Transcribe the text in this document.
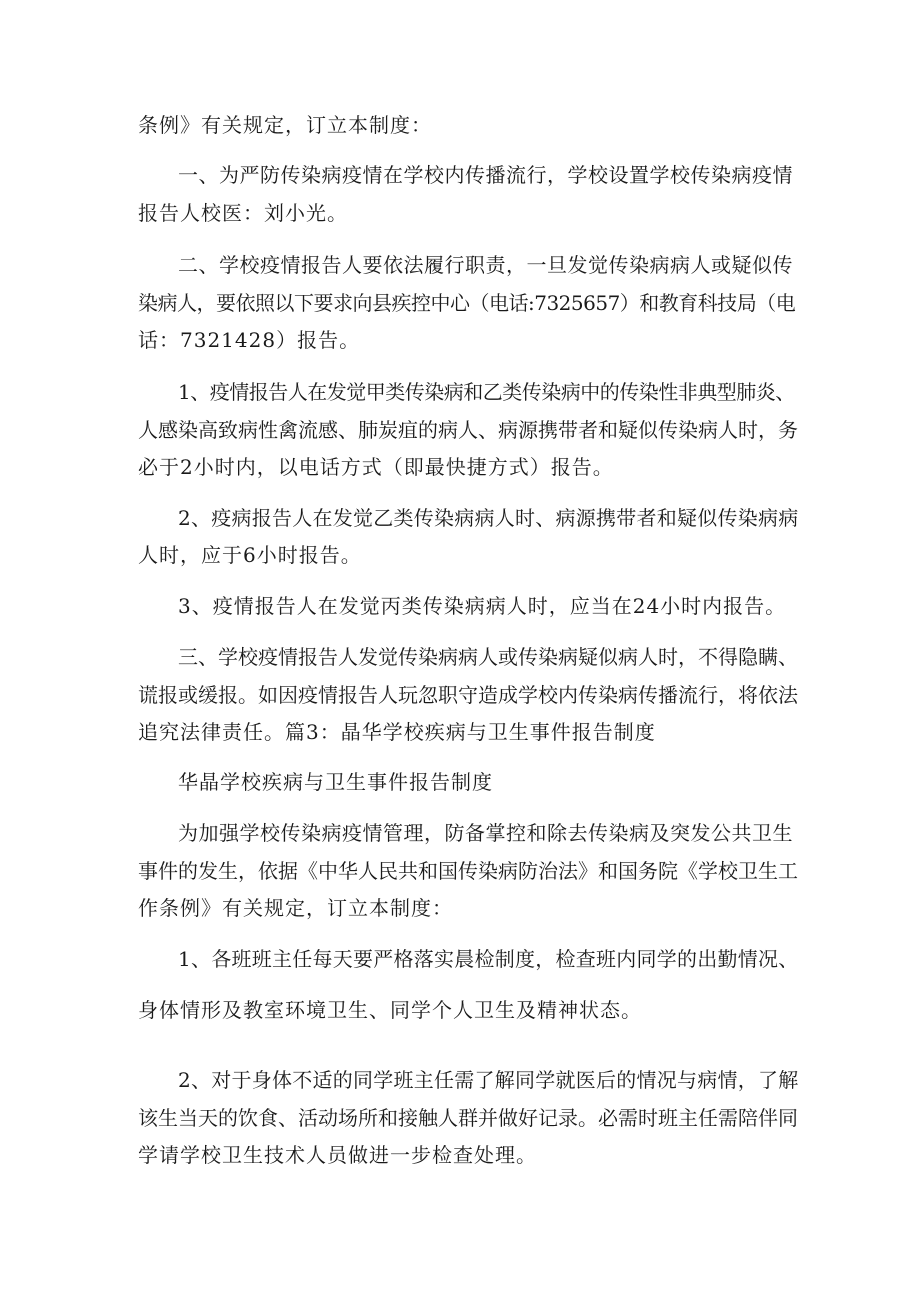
条例》有关规定，订立本制度：
一、为严防传染病疫情在学校内传播流行，学校设置学校传染病疫情
报告人校医：刘小光。
二、学校疫情报告人要依法履行职责，一旦发觉传染病病人或疑似传
染病人，要依照以下要求向县疾控中心（电话:7325657）和教育科技局（电
话：7321428）报告。
1、疫情报告人在发觉甲类传染病和乙类传染病中的传染性非典型肺炎、
人感染高致病性禽流感、肺炭疽的病人、病源携带者和疑似传染病人时，务
必于2小时内，以电话方式（即最快捷方式）报告。
2、疫病报告人在发觉乙类传染病病人时、病源携带者和疑似传染病病
人时，应于6小时报告。
3、疫情报告人在发觉丙类传染病病人时，应当在24小时内报告。
三、学校疫情报告人发觉传染病病人或传染病疑似病人时，不得隐瞒、
谎报或缓报。如因疫情报告人玩忽职守造成学校内传染病传播流行，将依法
追究法律责任。篇3：晶华学校疾病与卫生事件报告制度
华晶学校疾病与卫生事件报告制度
为加强学校传染病疫情管理，防备掌控和除去传染病及突发公共卫生
事件的发生，依据《中华人民共和国传染病防治法》和国务院《学校卫生工
作条例》有关规定，订立本制度：
1、各班班主任每天要严格落实晨检制度，检查班内同学的出勤情况、
身体情形及教室环境卫生、同学个人卫生及精神状态。
2、对于身体不适的同学班主任需了解同学就医后的情况与病情，了解
该生当天的饮食、活动场所和接触人群并做好记录。必需时班主任需陪伴同
学请学校卫生技术人员做进一步检查处理。
